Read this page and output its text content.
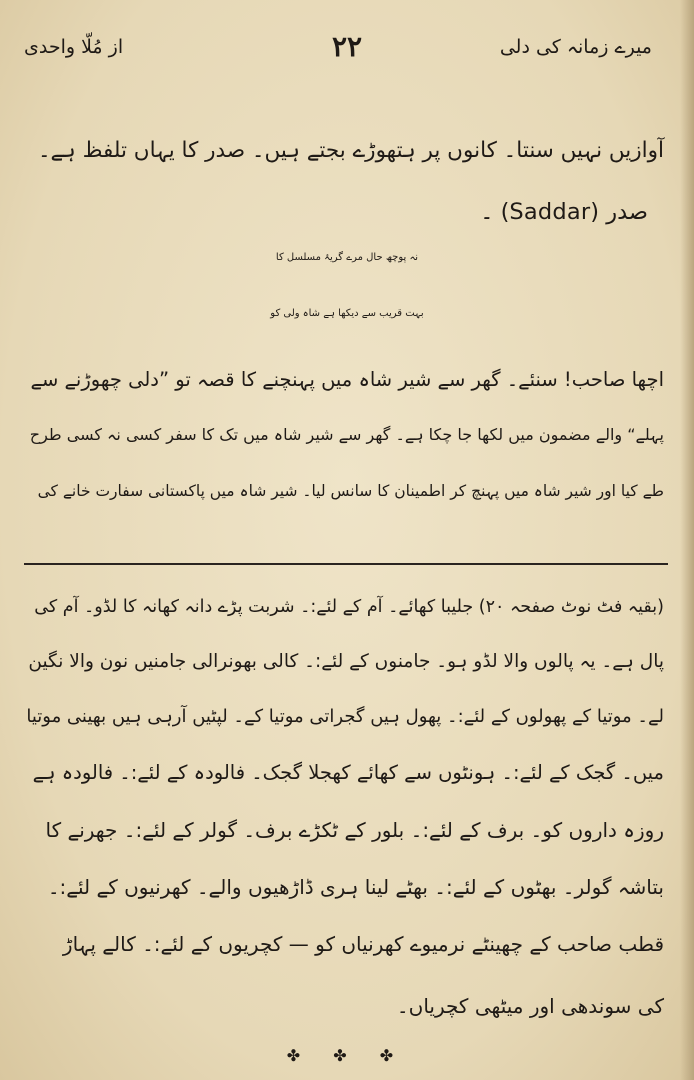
میرے زمانہ کی دلی
۲۲
از مُلّا واحدی
آوازیں نہیں سنتا۔ کانوں پر ہتھوڑے بجتے ہیں۔ صدر کا یہاں تلفظ ہے۔
صدر (Saddar) ۔
نہ پوچھ حال مرے گریۂ مسلسل کا
بہت قریب سے دیکھا ہے شاہ ولی کو
اچھا صاحب! سنئے۔ گھر سے شیر شاہ میں پہنچنے کا قصہ تو ”دلی چھوڑنے سے
پہلے“ والے مضمون میں لکھا جا چکا ہے۔ گھر سے شیر شاہ میں تک کا سفر کسی نہ کسی طرح
طے کیا اور شیر شاہ میں پہنچ کر اطمینان کا سانس لیا۔ شیر شاہ میں پاکستانی سفارت خانے کی
(بقیہ فٹ نوٹ صفحہ ۲۰) جلیبا کھائے۔ آم کے لئے:۔ شربت پڑے دانہ کھانہ کا لڈو۔ آم کی
پال ہے۔ یہ پالوں والا لڈو ہو۔ جامنوں کے لئے:۔ کالی بھونرالی جامنیں نون والا نگین
لے۔ موتیا کے پھولوں کے لئے:۔ پھول ہیں گجراتی موتیا کے۔ لپٹیں آرہی ہیں بھینی موتیا
میں۔ گجک کے لئے:۔ ہونٹوں سے کھائے کھجلا گجک۔ فالودہ کے لئے:۔ فالودہ ہے
روزہ داروں کو۔ برف کے لئے:۔ بلور کے ٹکڑے برف۔ گولر کے لئے:۔ جھرنے کا
بتاشہ گولر۔ بھٹوں کے لئے:۔ بھٹے لینا ہری ڈاڑھیوں والے۔ کھرنیوں کے لئے:۔
قطب صاحب کے چھینٹے نرمیوے کھرنیاں کو — کچریوں کے لئے:۔ کالے پہاڑ
کی سوندھی اور میٹھی کچریاں۔
✤ ✤ ✤
